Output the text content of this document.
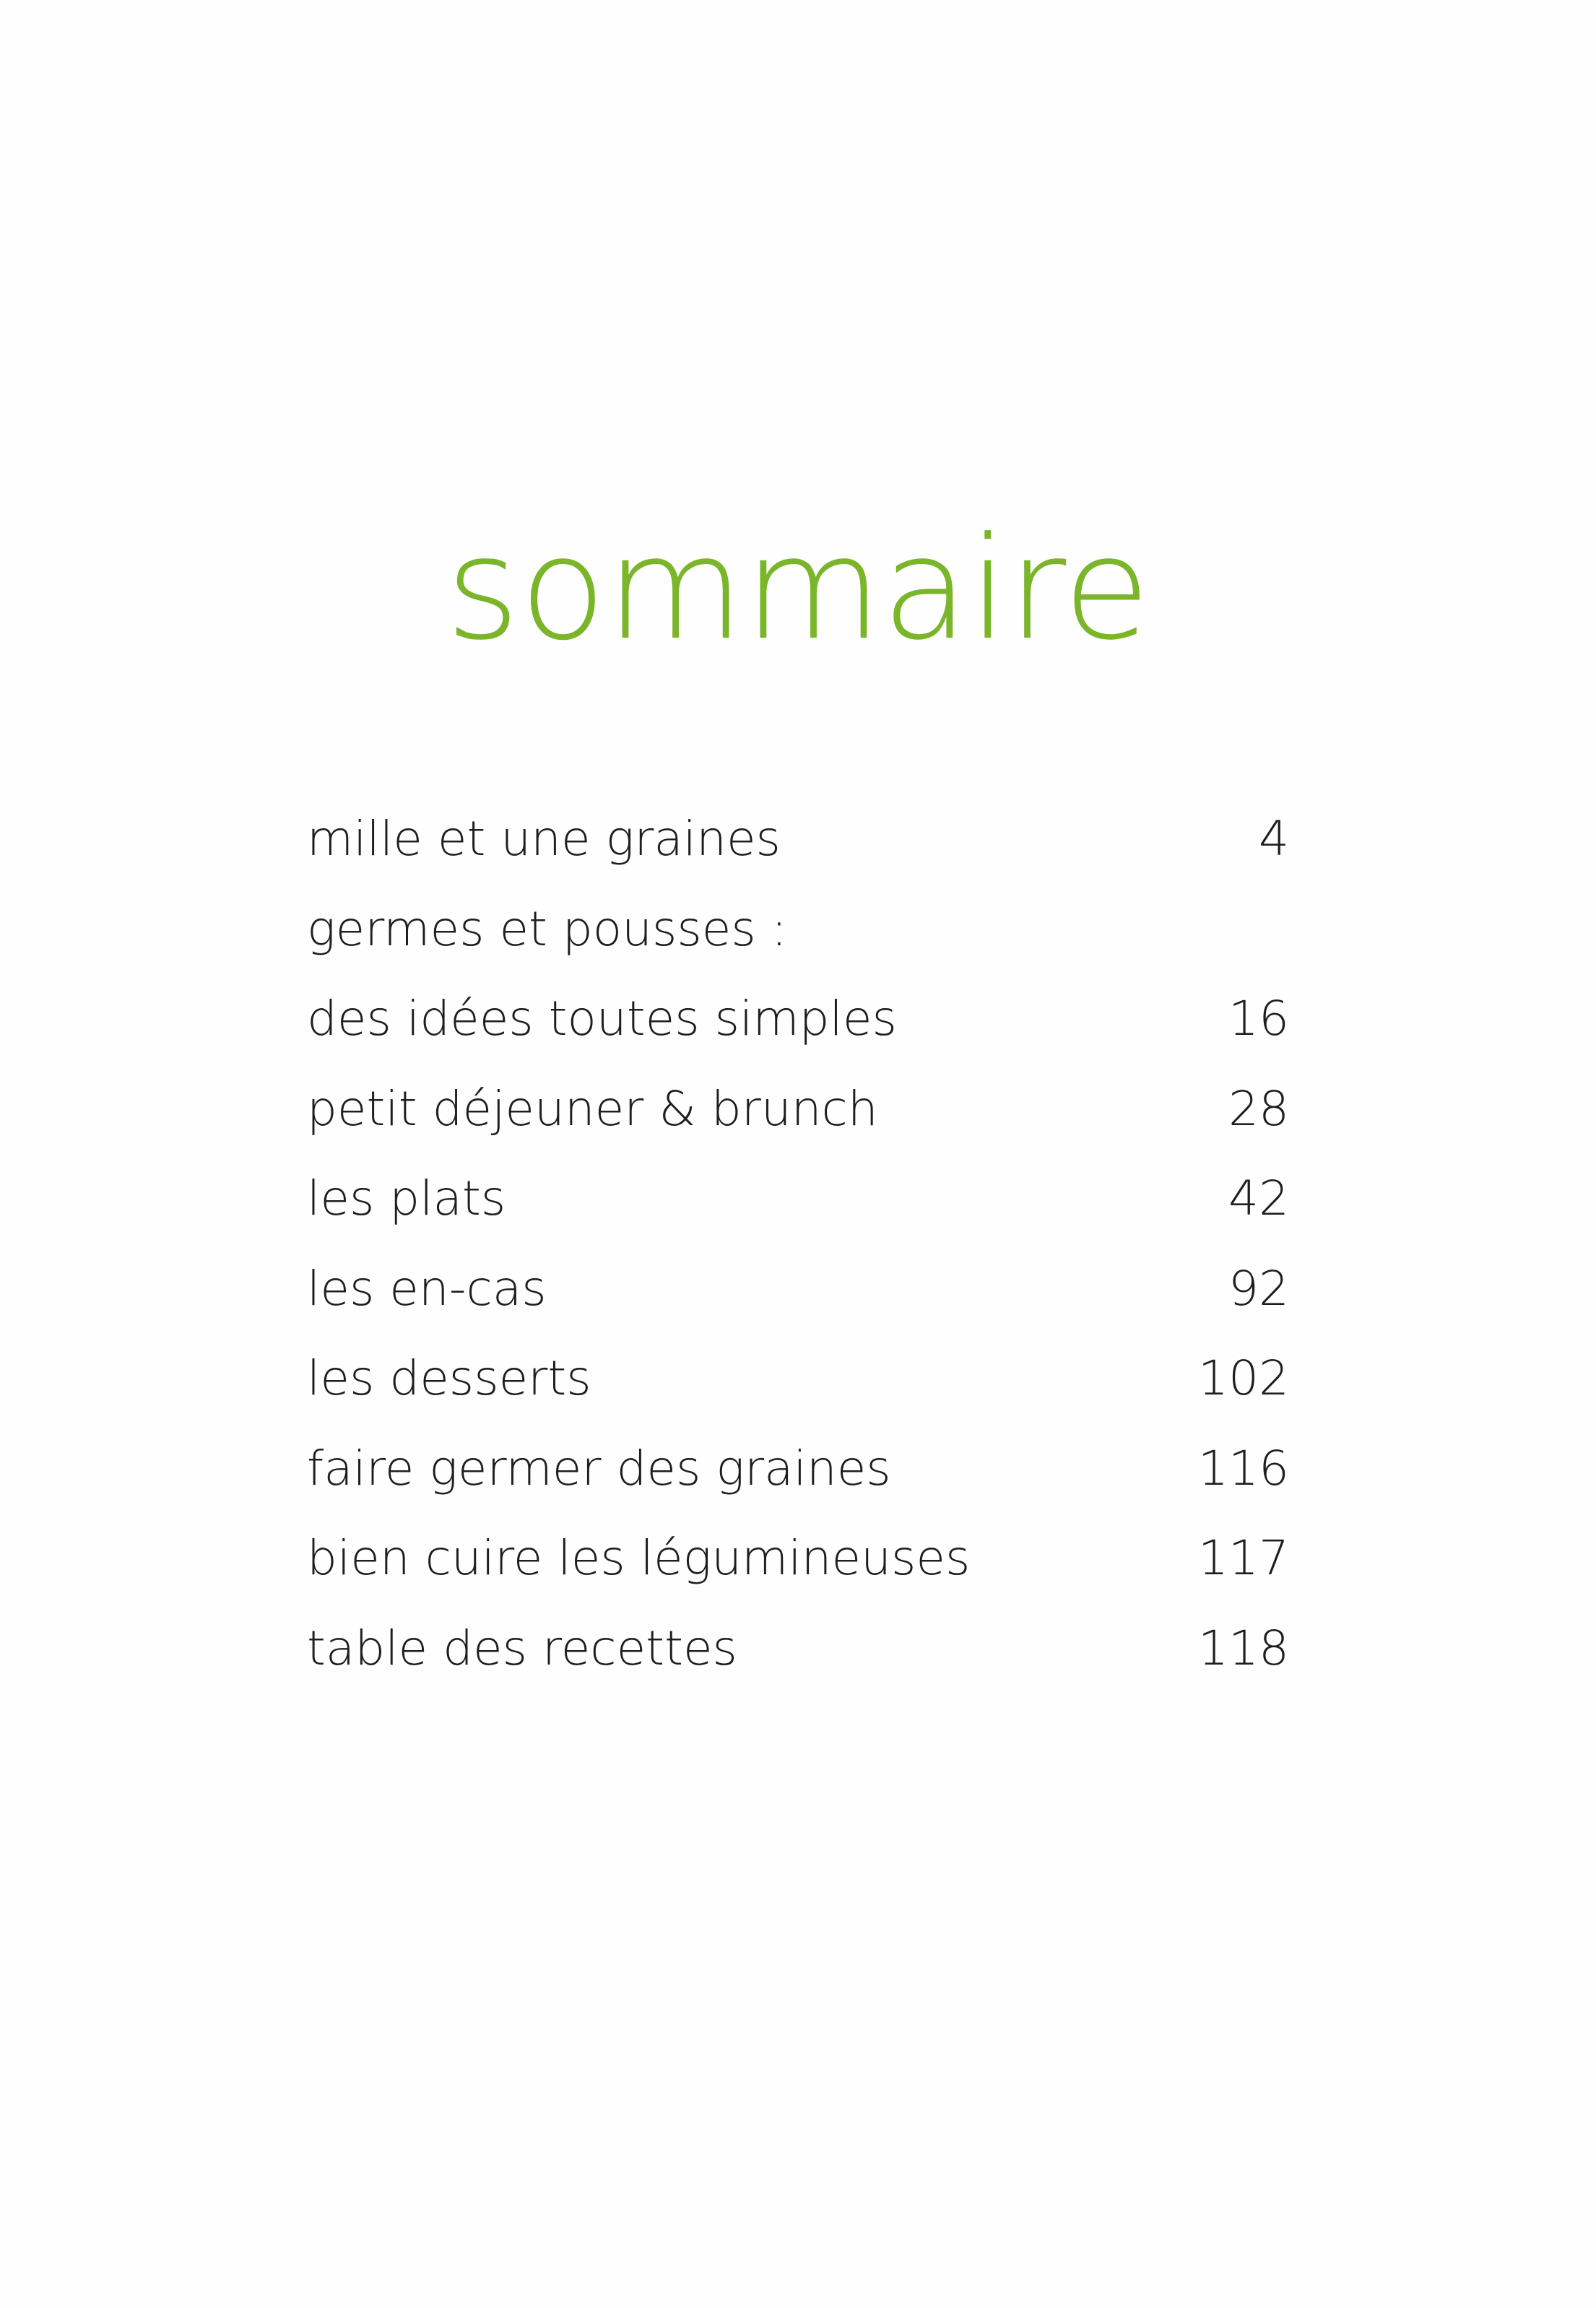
sommaire
mille et une graines	4
germes et pousses :
des idées toutes simples	16
petit déjeuner & brunch	28
les plats	42
les en-cas	92
les desserts	102
faire germer des graines	116
bien cuire les légumineuses	117
table des recettes	118
